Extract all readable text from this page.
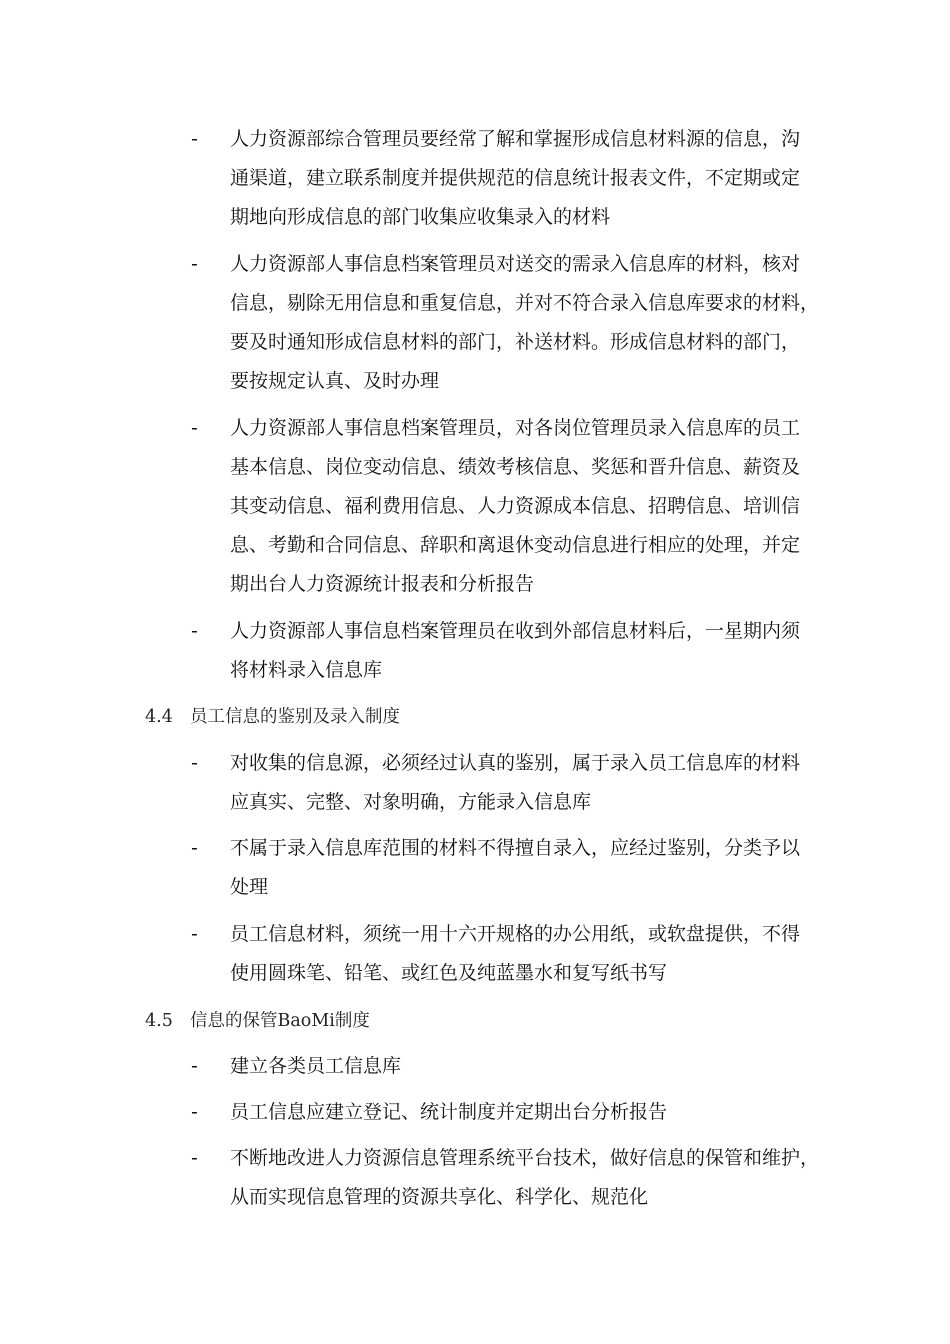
- 人力资源部综合管理员要经常了解和掌握形成信息材料源的信息，沟
通渠道，建立联系制度并提供规范的信息统计报表文件，不定期或定
期地向形成信息的部门收集应收集录入的材料
- 人力资源部人事信息档案管理员对送交的需录入信息库的材料，核对
信息，剔除无用信息和重复信息，并对不符合录入信息库要求的材料，
要及时通知形成信息材料的部门，补送材料。形成信息材料的部门，
要按规定认真、及时办理
- 人力资源部人事信息档案管理员，对各岗位管理员录入信息库的员工
基本信息、岗位变动信息、绩效考核信息、奖惩和晋升信息、薪资及
其变动信息、福利费用信息、人力资源成本信息、招聘信息、培训信
息、考勤和合同信息、辞职和离退休变动信息进行相应的处理，并定
期出台人力资源统计报表和分析报告
- 人力资源部人事信息档案管理员在收到外部信息材料后，一星期内须
将材料录入信息库
4.4 员工信息的鉴别及录入制度
- 对收集的信息源，必须经过认真的鉴别，属于录入员工信息库的材料
应真实、完整、对象明确，方能录入信息库
- 不属于录入信息库范围的材料不得擅自录入，应经过鉴别，分类予以
处理
- 员工信息材料，须统一用十六开规格的办公用纸，或软盘提供，不得
使用圆珠笔、铅笔、或红色及纯蓝墨水和复写纸书写
4.5 信息的保管BaoMi制度
- 建立各类员工信息库
- 员工信息应建立登记、统计制度并定期出台分析报告
- 不断地改进人力资源信息管理系统平台技术，做好信息的保管和维护，
从而实现信息管理的资源共享化、科学化、规范化
